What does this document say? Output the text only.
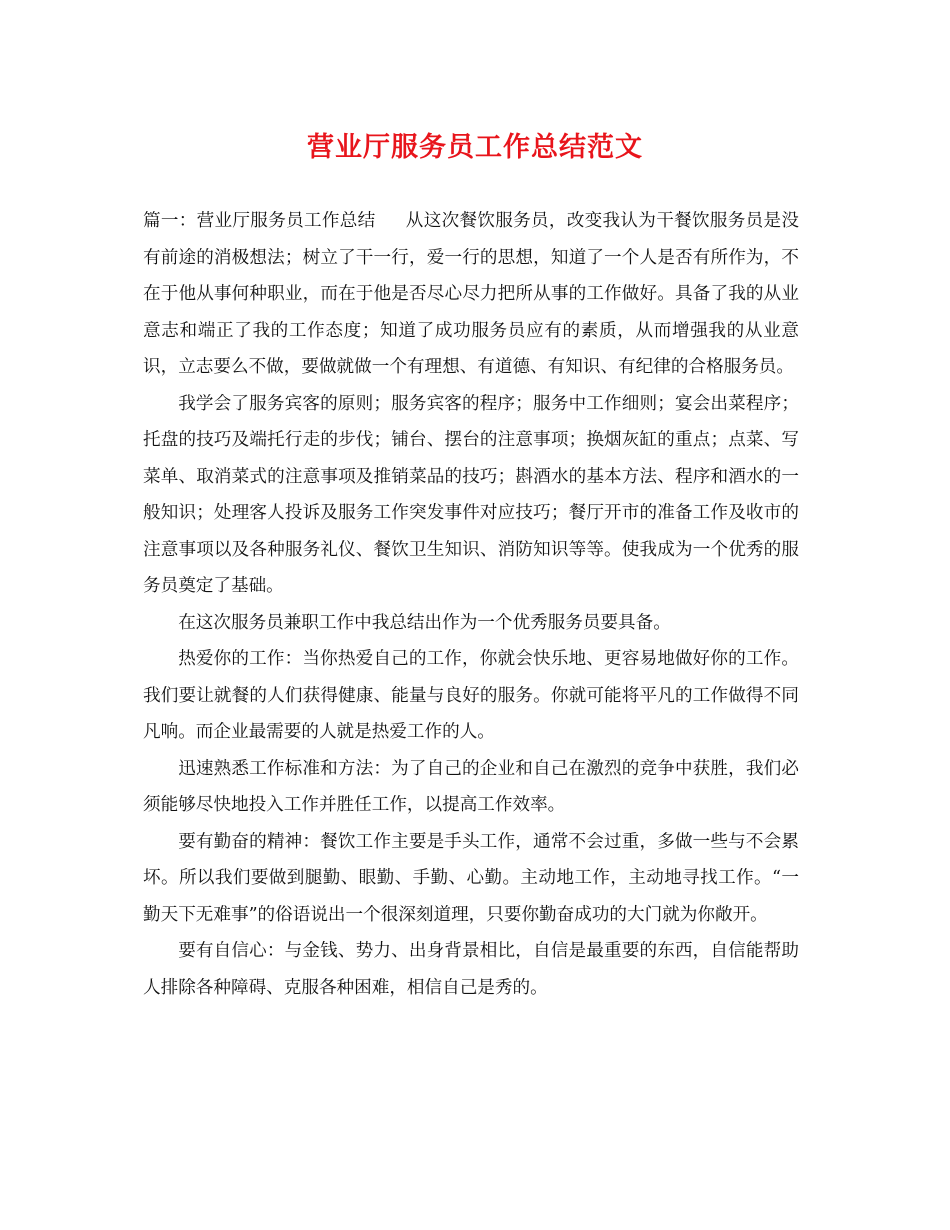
营业厅服务员工作总结范文

篇一：营业厅服务员工作总结 从这次餐饮服务员，改变我认为干餐饮服务员是没有前途的消极想法；树立了干一行，爱一行的思想，知道了一个人是否有所作为，不在于他从事何种职业，而在于他是否尽心尽力把所从事的工作做好。具备了我的从业意志和端正了我的工作态度；知道了成功服务员应有的素质，从而增强我的从业意识，立志要么不做，要做就做一个有理想、有道德、有知识、有纪律的合格服务员。

我学会了服务宾客的原则；服务宾客的程序；服务中工作细则；宴会出菜程序；托盘的技巧及端托行走的步伐；铺台、摆台的注意事项；换烟灰缸的重点；点菜、写菜单、取消菜式的注意事项及推销菜品的技巧；斟酒水的基本方法、程序和酒水的一般知识；处理客人投诉及服务工作突发事件对应技巧；餐厅开市的准备工作及收市的注意事项以及各种服务礼仪、餐饮卫生知识、消防知识等等。使我成为一个优秀的服务员奠定了基础。

在这次服务员兼职工作中我总结出作为一个优秀服务员要具备。

热爱你的工作：当你热爱自己的工作，你就会快乐地、更容易地做好你的工作。我们要让就餐的人们获得健康、能量与良好的服务。你就可能将平凡的工作做得不同凡响。而企业最需要的人就是热爱工作的人。

迅速熟悉工作标准和方法：为了自己的企业和自己在激烈的竞争中获胜，我们必须能够尽快地投入工作并胜任工作，以提高工作效率。

要有勤奋的精神：餐饮工作主要是手头工作，通常不会过重，多做一些与不会累坏。所以我们要做到腿勤、眼勤、手勤、心勤。主动地工作，主动地寻找工作。“一勤天下无难事”的俗语说出一个很深刻道理，只要你勤奋成功的大门就为你敞开。

要有自信心：与金钱、势力、出身背景相比，自信是最重要的东西，自信能帮助人排除各种障碍、克服各种困难，相信自己是秀的。
